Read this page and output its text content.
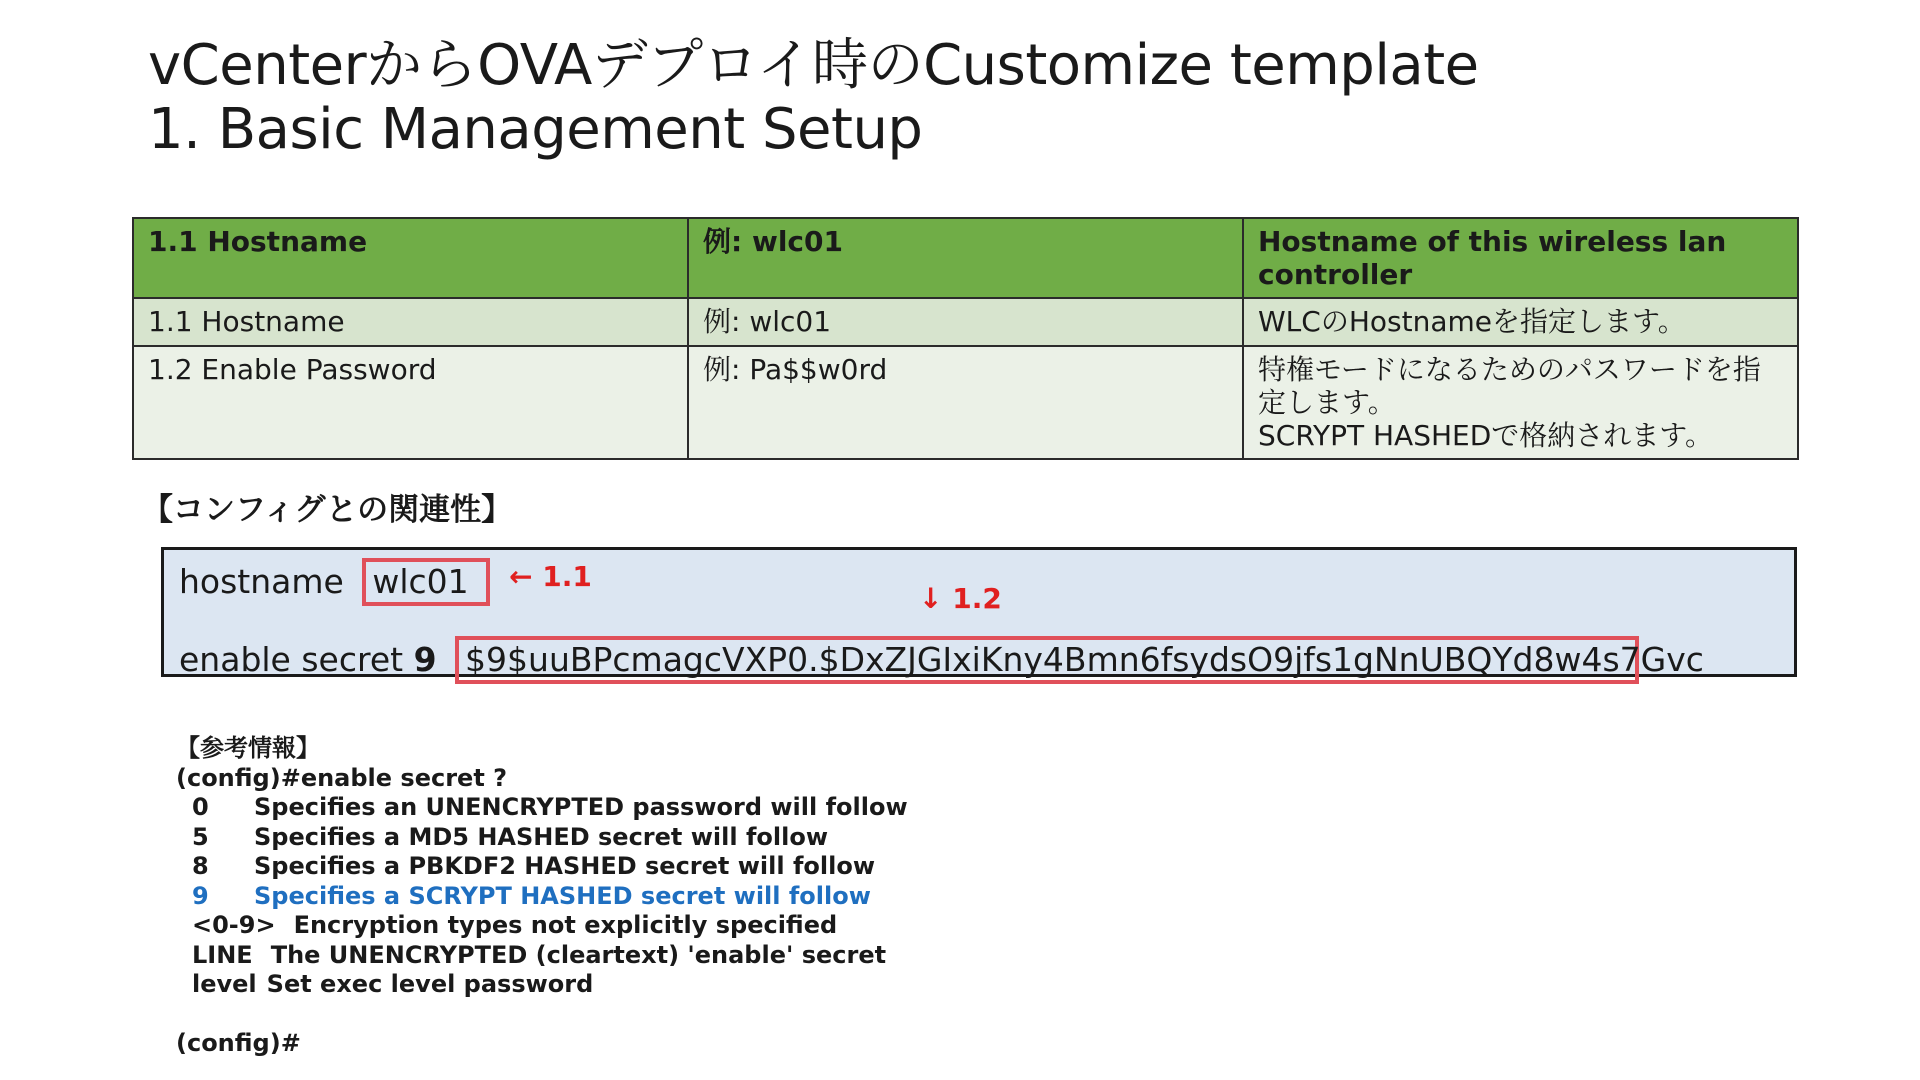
vCenterからOVAデプロイ時のCustomize template
1. Basic Management Setup
1.1 Hostname	例: wlc01	Hostname of this wireless lan controller
1.1 Hostname	例: wlc01	WLCのHostnameを指定します。
1.2 Enable Password	例: Pa$$w0rd	特権モードになるためのパスワードを指定します。
SCRYPT HASHEDで格納されます。
【コンフィグとの関連性】
hostname wlc01	← 1.1
↓ 1.2
enable secret 9 $9$uuBPcmagcVXP0.$DxZJGIxiKny4Bmn6fsydsO9jfs1gNnUBQYd8w4s7Gvc
【参考情報】
(config)#enable secret ?
0 Specifies an UNENCRYPTED password will follow
5 Specifies a MD5 HASHED secret will follow
8 Specifies a PBKDF2 HASHED secret will follow
9 Specifies a SCRYPT HASHED secret will follow
<0-9> Encryption types not explicitly specified
LINE The UNENCRYPTED (cleartext) 'enable' secret
level Set exec level password
(config)#
